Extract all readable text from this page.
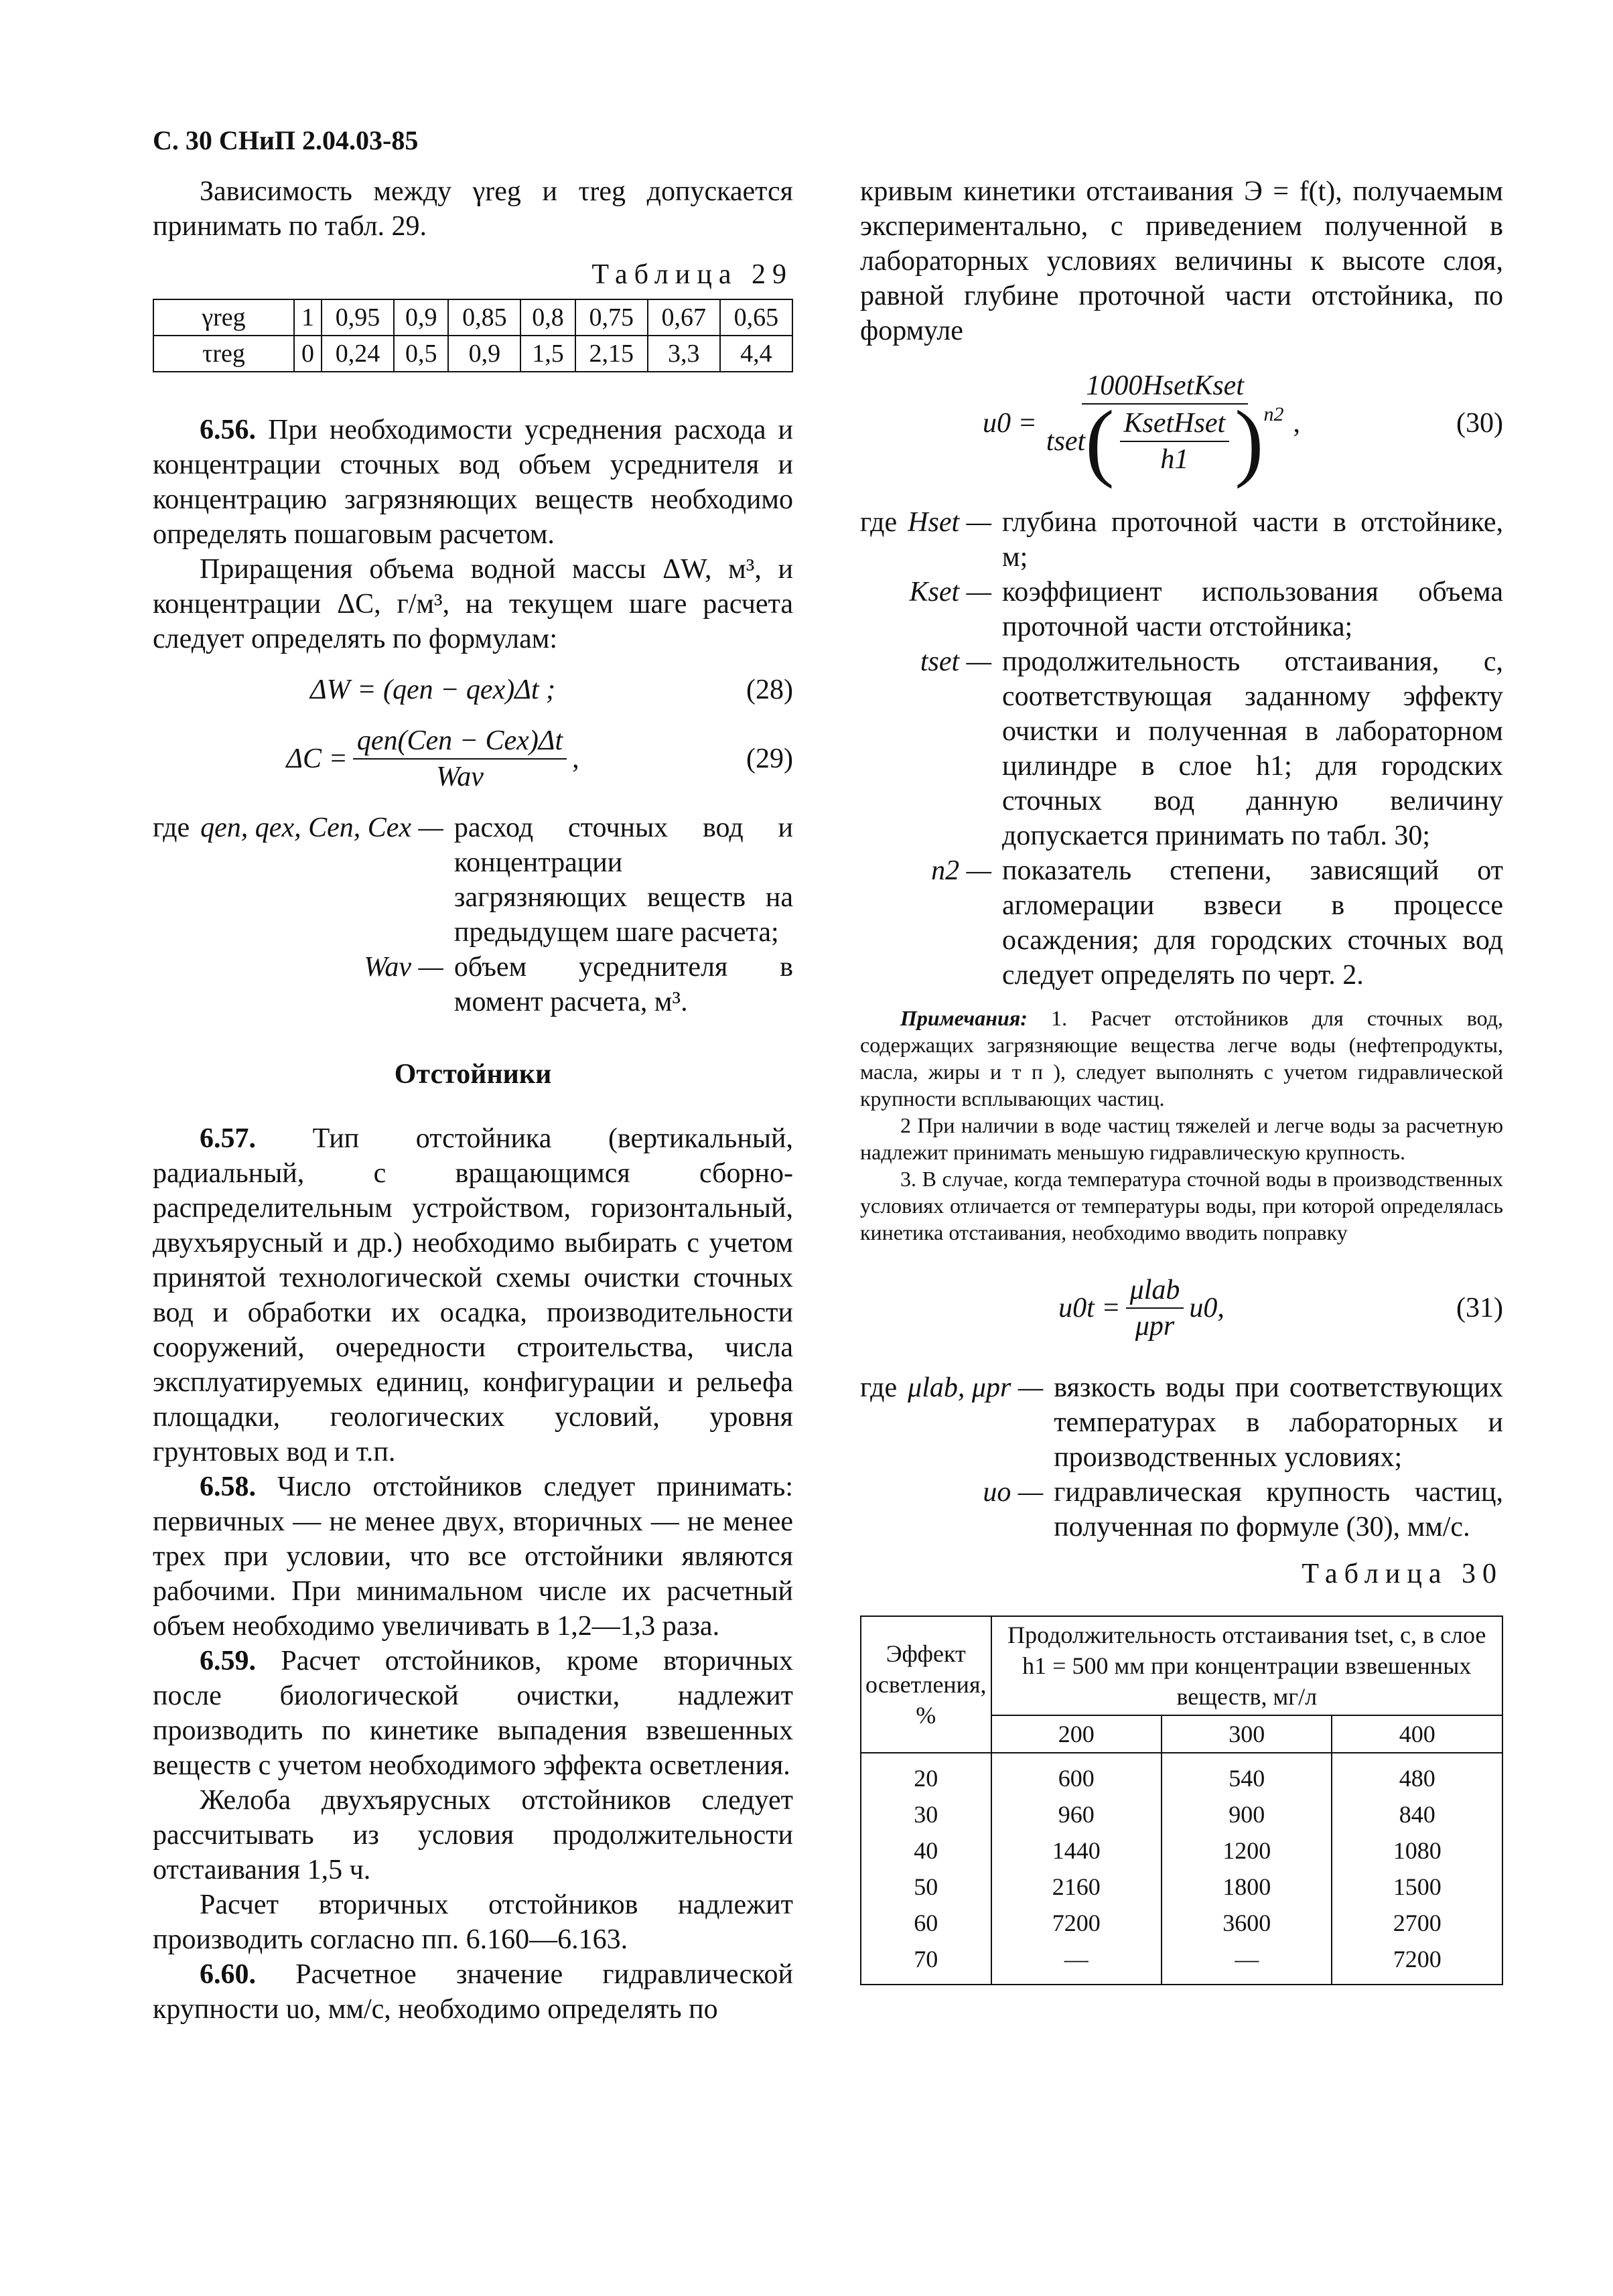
С. 30 СНиП 2.04.03-85

Зависимость между γreg и τreg допускается принимать по табл. 29.

Таблица 29
γreg	1	0,95	0,9	0,85	0,8	0,75	0,67	0,65
τreg	0	0,24	0,5	0,9	1,5	2,15	3,3	4,4

6.56. При необходимости усреднения расхода и концентрации сточных вод объем усреднителя и концентрацию загрязняющих веществ необходимо определять пошаговым расчетом.

Приращения объема водной массы ΔW, м³, и концентрации ΔC, г/м³, на текущем шаге расчета следует определять по формулам:

ΔW = (qen − qex)Δt ;	(28)
$\Delta C = \frac{\text{qen(Cen − Cex)Δt}}{\text{Wav}}$ ,	(29)
где qen, qex, Cen, Cex — расход сточных вод и концентрации загрязняющих веществ на предыдущем шаге расчета;
Wav — объем усреднителя в момент расчета, м³.
Отстойники

6.57. Тип отстойника (вертикальный, радиальный, с вращающимся сборно-распределительным устройством, горизонтальный, двухъярусный и др.) необходимо выбирать с учетом принятой технологической схемы очистки сточных вод и обработки их осадка, производительности сооружений, очередности строительства, числа эксплуатируемых единиц, конфигурации и рельефа площадки, геологических условий, уровня грунтовых вод и т.п.

6.58. Число отстойников следует принимать: первичных — не менее двух, вторичных — не менее трех при условии, что все отстойники являются рабочими. При минимальном числе их расчетный объем необходимо увеличивать в 1,2—1,3 раза.

6.59. Расчет отстойников, кроме вторичных после биологической очистки, надлежит производить по кинетике выпадения взвешенных веществ с учетом необходимого эффекта осветления.

Желоба двухъярусных отстойников следует рассчитывать из условия продолжительности отстаивания 1,5 ч.

Расчет вторичных отстойников надлежит производить согласно пп. 6.160—6.163.

6.60. Расчетное значение гидравлической крупности uо, мм/с, необходимо определять по

кривым кинетики отстаивания Э = f(t), получаемым экспериментально, с приведением полученной в лабораторных условиях величины к высоте слоя, равной глубине проточной части отстойника, по формуле

u0 =
1000HsetKset
tset ( $\frac{\text{KsetHset}}{h1}$ ) n2 ,	(30)
где Hset — глубина проточной части в отстойнике, м;
Kset — коэффициент использования объема проточной части отстойника;
tset — продолжительность отстаивания, с, соответствующая заданному эффекту очистки и полученная в лабораторном цилиндре в слое h1; для городских сточных вод данную величину допускается принимать по табл. 30;
n2 — показатель степени, зависящий от агломерации взвеси в процессе осаждения; для городских сточных вод следует определять по черт. 2.

Примечания: 1. Расчет отстойников для сточных вод, содержащих загрязняющие вещества легче воды (нефтепродукты, масла, жиры и т п ), следует выполнять с учетом гидравлической крупности всплывающих частиц.

2 При наличии в воде частиц тяжелей и легче воды за расчетную надлежит принимать меньшую гидравлическую крупность.

3. В случае, когда температура сточной воды в производственных условиях отличается от температуры воды, при которой определялась кинетика отстаивания, необходимо вводить поправку

$u0t = \frac{\text{μlab}}{\text{μpr}} u0$,	(31)
где μlab, μpr — вязкость воды при соответствующих температурах в лабораторных и производственных условиях;
uо — гидравлическая крупность частиц, полученная по формуле (30), мм/с.
Таблица 30
Эффект осветления, %	Продолжительность отстаивания tset, с, в слое h1 = 500 мм при концентрации взвешенных веществ, мг/л		
	200	300	400
20	600	540	480
30	960	900	840
40	1440	1200	1080
50	2160	1800	1500
60	7200	3600	2700
70	—	—	7200
